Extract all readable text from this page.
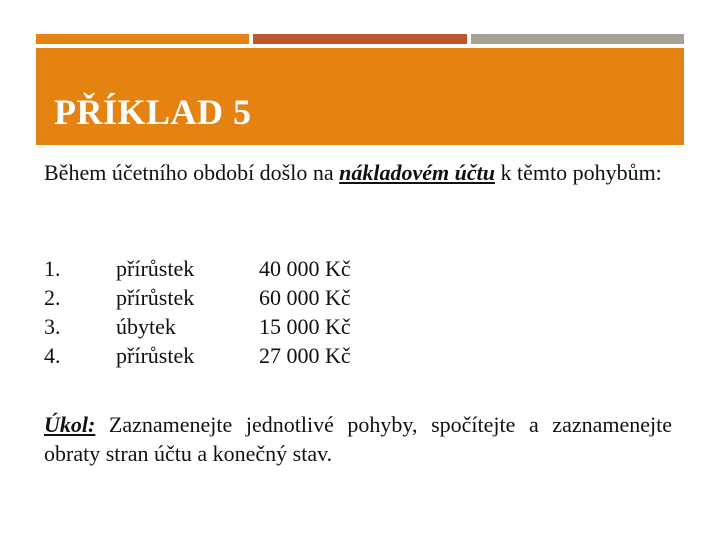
PŘÍKLAD 5

Během účetního období došlo na nákladovém účtu k těmto pohybům:

1.	přírůstek	40 000 Kč
2.	přírůstek	60 000 Kč
3.	úbytek	15 000 Kč
4.	přírůstek	27 000 Kč
Úkol: Zaznamenejte jednotlivé pohyby, spočítejte a zaznamenejte obraty stran účtu a konečný stav.
